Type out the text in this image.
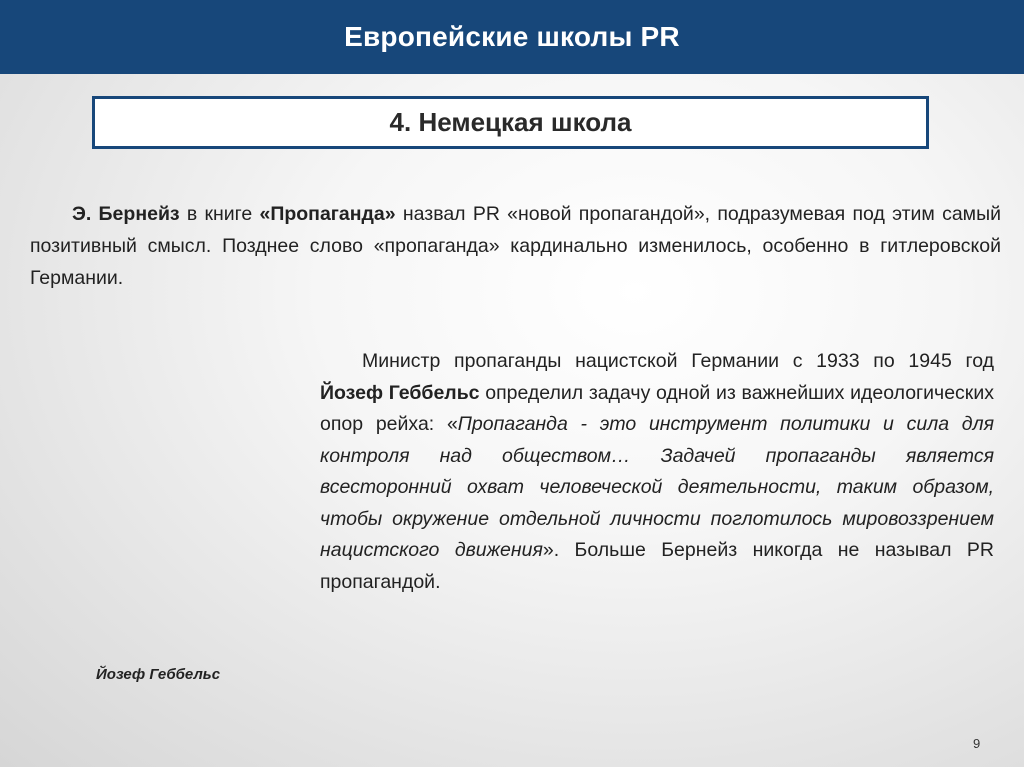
Европейские школы PR
4. Немецкая школа
Э. Бернейз в книге «Пропаганда» назвал PR «новой пропагандой», подразумевая под этим самый позитивный смысл. Позднее слово «пропаганда» кардинально изменилось, особенно в гитлеровской Германии.
Министр пропаганды нацистской Германии с 1933 по 1945 год Йозеф Геббельс определил задачу одной из важнейших идеологических опор рейха: «Пропаганда - это инструмент политики и сила для контроля над обществом… Задачей пропаганды является всесторонний охват человеческой деятельности, таким образом, чтобы окружение отдельной личности поглотилось мировоззрением нацистского движения». Больше Бернейз никогда не называл PR пропагандой.
Йозеф Геббельс
9
